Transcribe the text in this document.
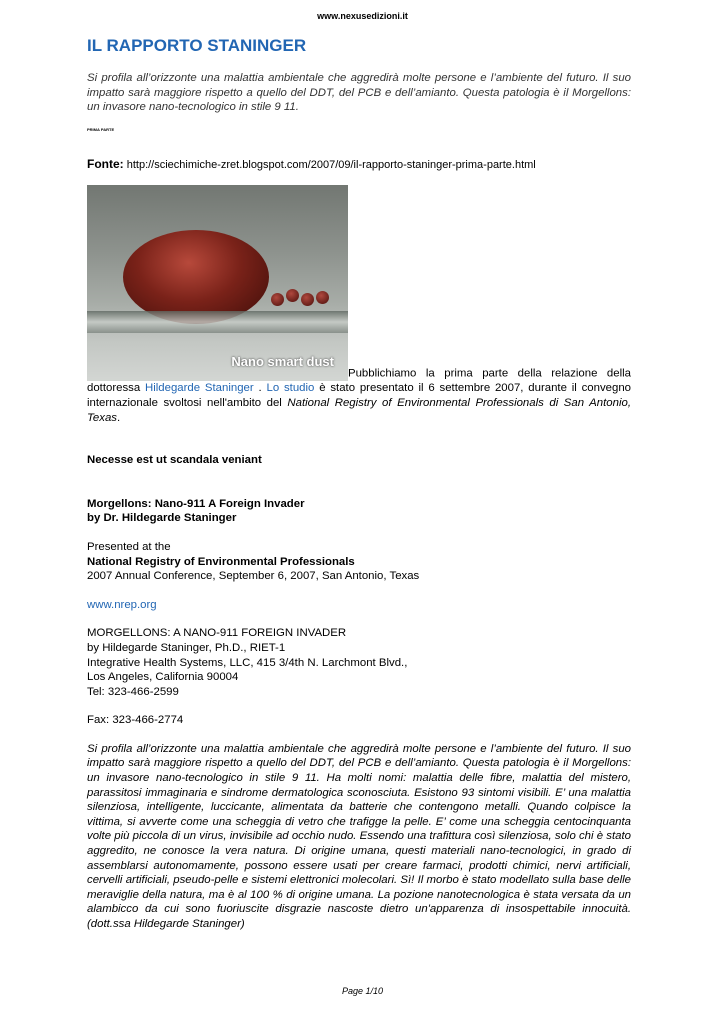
www.nexusedizioni.it
IL RAPPORTO STANINGER

Si profila all’orizzonte una malattia ambientale che aggredirà molte persone e l’ambiente del futuro. Il suo impatto sarà maggiore rispetto a quello del DDT, del PCB e dell’amianto. Questa patologia è il Morgellons: un invasore nano-tecnologico in stile 9 11.

PRIMA PARTE

Fonte: http://sciechimiche-zret.blogspot.com/2007/09/il-rapporto-staninger-prima-parte.html

Nano smart dust
Pubblichiamo la prima parte della relazione della dottoressa Hildegarde Staninger . Lo studio è stato presentato il 6 settembre 2007, durante il convegno internazionale svoltosi nell'ambito del National Registry of Environmental Professionals di San Antonio, Texas.

Necesse est ut scandala veniant

Morgellons: Nano-911 A Foreign Invader
by Dr. Hildegarde Staninger

Presented at the
National Registry of Environmental Professionals
2007 Annual Conference, September 6, 2007, San Antonio, Texas

www.nrep.org

MORGELLONS: A NANO-911 FOREIGN INVADER
by Hildegarde Staninger, Ph.D., RIET-1
Integrative Health Systems, LLC, 415 3/4th N. Larchmont Blvd.,
Los Angeles, California 90004
Tel: 323-466-2599

Fax: 323-466-2774

Si profila all’orizzonte una malattia ambientale che aggredirà molte persone e l’ambiente del futuro. Il suo impatto sarà maggiore rispetto a quello del DDT, del PCB e dell’amianto. Questa patologia è il Morgellons: un invasore nano-tecnologico in stile 9 11. Ha molti nomi: malattia delle fibre, malattia del mistero, parassitosi immaginaria e sindrome dermatologica sconosciuta. Esistono 93 sintomi visibili. E’ una malattia silenziosa, intelligente, luccicante, alimentata da batterie che contengono metalli. Quando colpisce la vittima, si avverte come una scheggia di vetro che trafigge la pelle. E’ come una scheggia centocinquanta volte più piccola di un virus, invisibile ad occhio nudo. Essendo una trafittura così silenziosa, solo chi è stato aggredito, ne conosce la vera natura. Di origine umana, questi materiali nano-tecnologici, in grado di assemblarsi autonomamente, possono essere usati per creare farmaci, prodotti chimici, nervi artificiali, cervelli artificiali, pseudo-pelle e sistemi elettronici molecolari. Sì! Il morbo è stato modellato sulla base delle meraviglie della natura, ma è al 100 % di origine umana. La pozione nanotecnologica è stata versata da un alambicco da cui sono fuoriuscite disgrazie nascoste dietro un'apparenza di insospettabile innocuità. (dott.ssa Hildegarde Staninger)

Page 1/10
